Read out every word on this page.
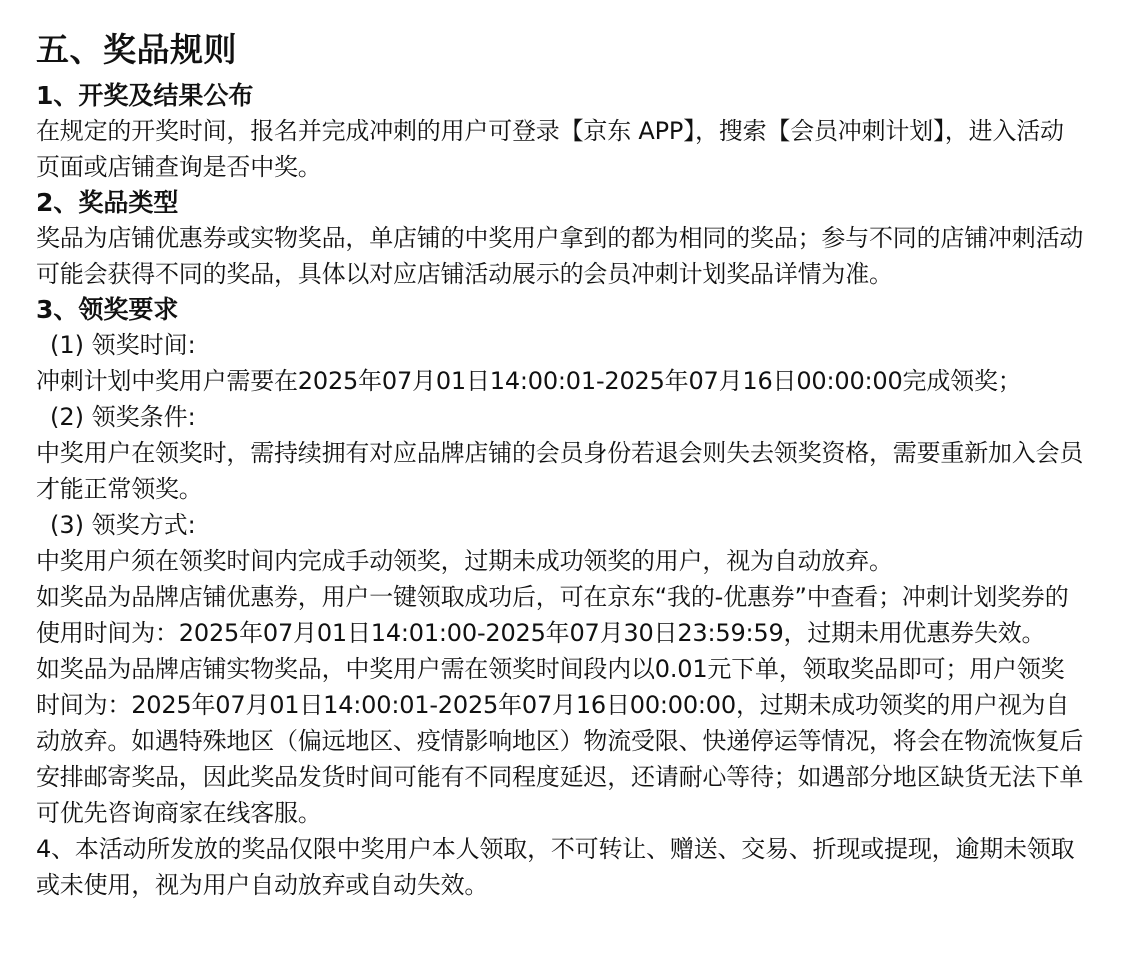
五、奖品规则
1、开奖及结果公布

在规定的开奖时间，报名并完成冲刺的用户可登录【京东 APP】，搜索【会员冲刺计划】，进入活动页面或店铺查询是否中奖。

2、奖品类型

奖品为店铺优惠券或实物奖品，单店铺的中奖用户拿到的都为相同的奖品；参与不同的店铺冲刺活动可能会获得不同的奖品，具体以对应店铺活动展示的会员冲刺计划奖品详情为准。

3、领奖要求

(1) 领奖时间:

冲刺计划中奖用户需要在2025年07月01日14:00:01-2025年07月16日00:00:00完成领奖；

(2) 领奖条件:

中奖用户在领奖时，需持续拥有对应品牌店铺的会员身份若退会则失去领奖资格，需要重新加入会员才能正常领奖。

(3) 领奖方式:

中奖用户须在领奖时间内完成手动领奖，过期未成功领奖的用户，视为自动放弃。

如奖品为品牌店铺优惠券，用户一键领取成功后，可在京东“我的-优惠券”中查看；冲刺计划奖券的使用时间为：2025年07月01日14:01:00-2025年07月30日23:59:59，过期未用优惠券失效。

如奖品为品牌店铺实物奖品，中奖用户需在领奖时间段内以0.01元下单，领取奖品即可；用户领奖时间为：2025年07月01日14:00:01-2025年07月16日00:00:00，过期未成功领奖的用户视为自动放弃。如遇特殊地区（偏远地区、疫情影响地区）物流受限、快递停运等情况，将会在物流恢复后安排邮寄奖品，因此奖品发货时间可能有不同程度延迟，还请耐心等待；如遇部分地区缺货无法下单可优先咨询商家在线客服。

4、本活动所发放的奖品仅限中奖用户本人领取，不可转让、赠送、交易、折现或提现，逾期未领取或未使用，视为用户自动放弃或自动失效。
